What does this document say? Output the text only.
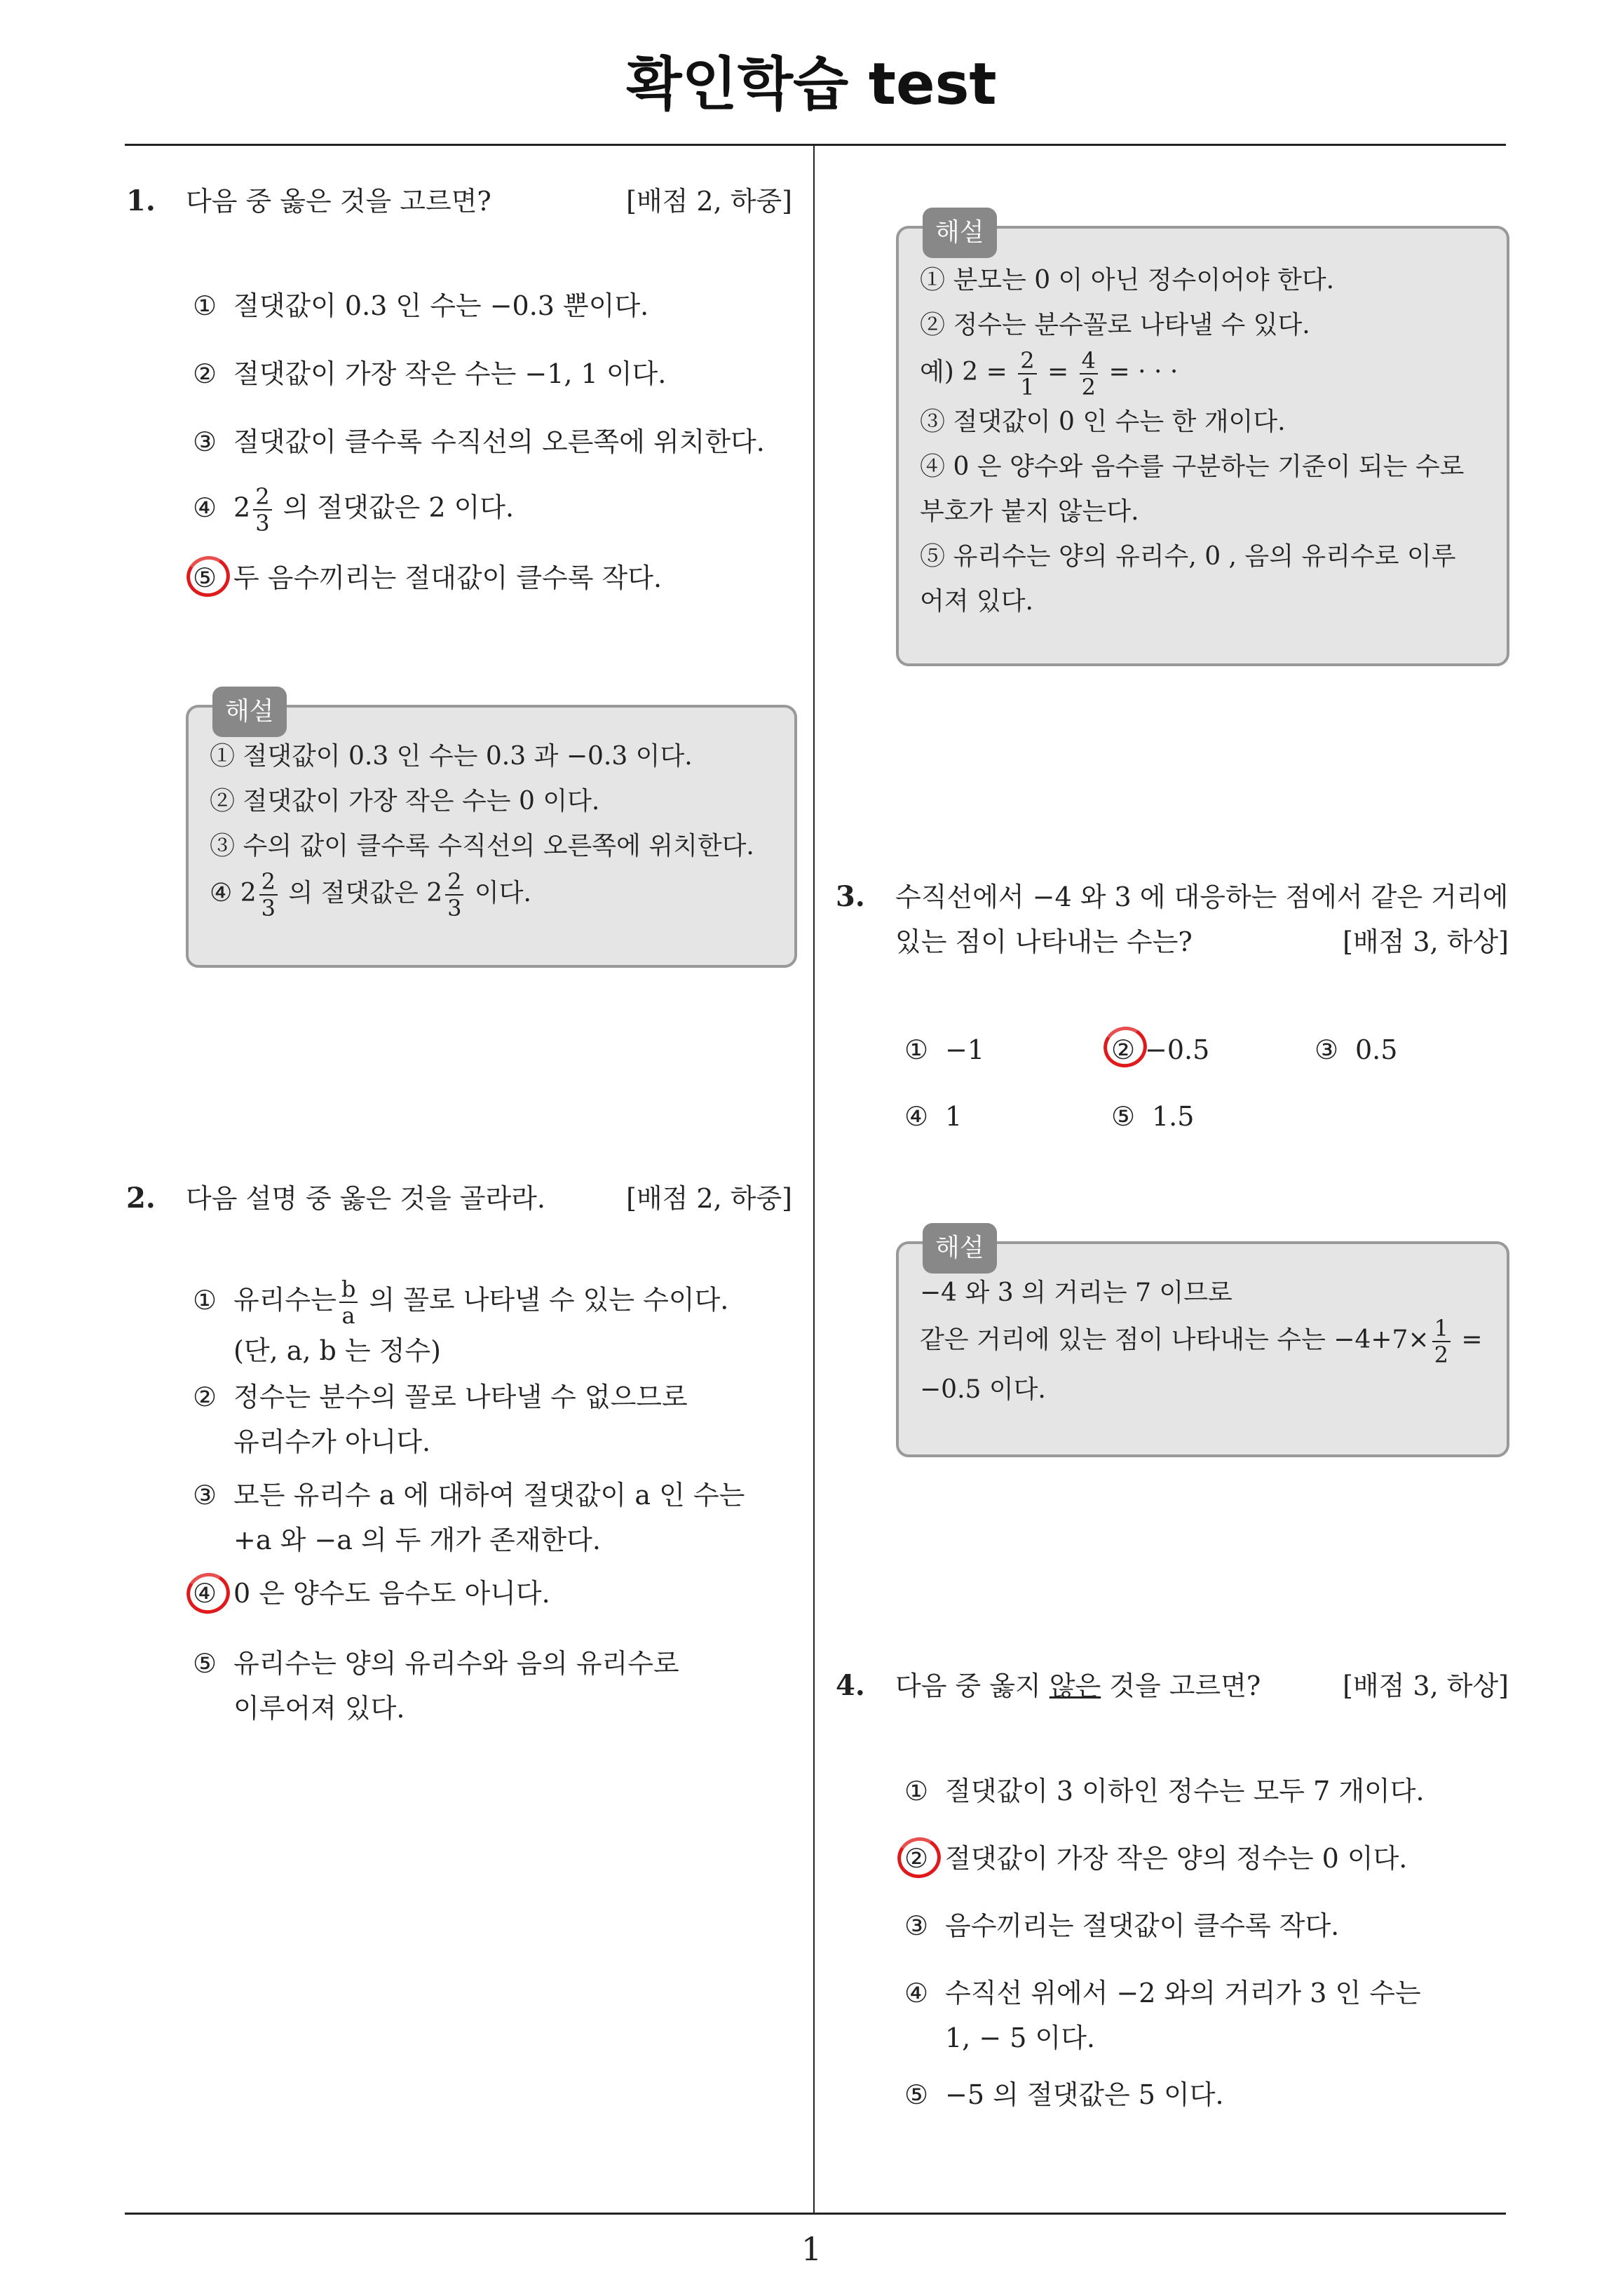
확인학습 test
1
1. 다음 중 옳은 것을 고르면?	[배점 2, 하중]
① 절댓값이 0.3 인 수는 −0.3 뿐이다.
② 절댓값이 가장 작은 수는 −1, 1 이다.
③ 절댓값이 클수록 수직선의 오른쪽에 위치한다.
④ $2 \frac{2}{3}$ 의 절댓값은 2 이다.
⑤ 두 음수끼리는 절대값이 클수록 작다.
해설
① 절댓값이 0.3 인 수는 0.3 과 −0.3 이다.
② 절댓값이 가장 작은 수는 0 이다.
③ 수의 값이 클수록 수직선의 오른쪽에 위치한다.
④ $2 \frac{2}{3}$ 의 절댓값은 $2 \frac{2}{3}$ 이다.
2. 다음 설명 중 옳은 것을 골라라.	[배점 2, 하중]
① 유리수는 $\frac{b}{a}$ 의 꼴로 나타낼 수 있는 수이다.
(단, a, b 는 정수)
② 정수는 분수의 꼴로 나타낼 수 없으므로
유리수가 아니다.
③ 모든 유리수 a 에 대하여 절댓값이 a 인 수는
+a 와 −a 의 두 개가 존재한다.
④ 0 은 양수도 음수도 아니다.
⑤ 유리수는 양의 유리수와 음의 유리수로
이루어져 있다.
해설
① 분모는 0 이 아닌 정수이어야 한다.
② 정수는 분수꼴로 나타낼 수 있다.
예) $2 = \frac{2}{1} = \frac{4}{2}$ = · · ·
③ 절댓값이 0 인 수는 한 개이다.
④ 0 은 양수와 음수를 구분하는 기준이 되는 수로
부호가 붙지 않는다.
⑤ 유리수는 양의 유리수, 0 , 음의 유리수로 이루
어져 있다.
3. 수직선에서 −4 와 3 에 대응하는 점에서 같은 거리에
있는 점이 나타내는 수는?	[배점 3, 하상]
① −1	② −0.5	③ 0.5
④ 1	⑤ 1.5
해설
−4 와 3 의 거리는 7 이므로
같은 거리에 있는 점이 나타내는 수는 $-4+7\times \frac{1}{2}$ =
−0.5 이다.
4. 다음 중 옳지 않은 것을 고르면?	[배점 3, 하상]
① 절댓값이 3 이하인 정수는 모두 7 개이다.
② 절댓값이 가장 작은 양의 정수는 0 이다.
③ 음수끼리는 절댓값이 클수록 작다.
④ 수직선 위에서 −2 와의 거리가 3 인 수는
1, − 5 이다.
⑤ −5 의 절댓값은 5 이다.
